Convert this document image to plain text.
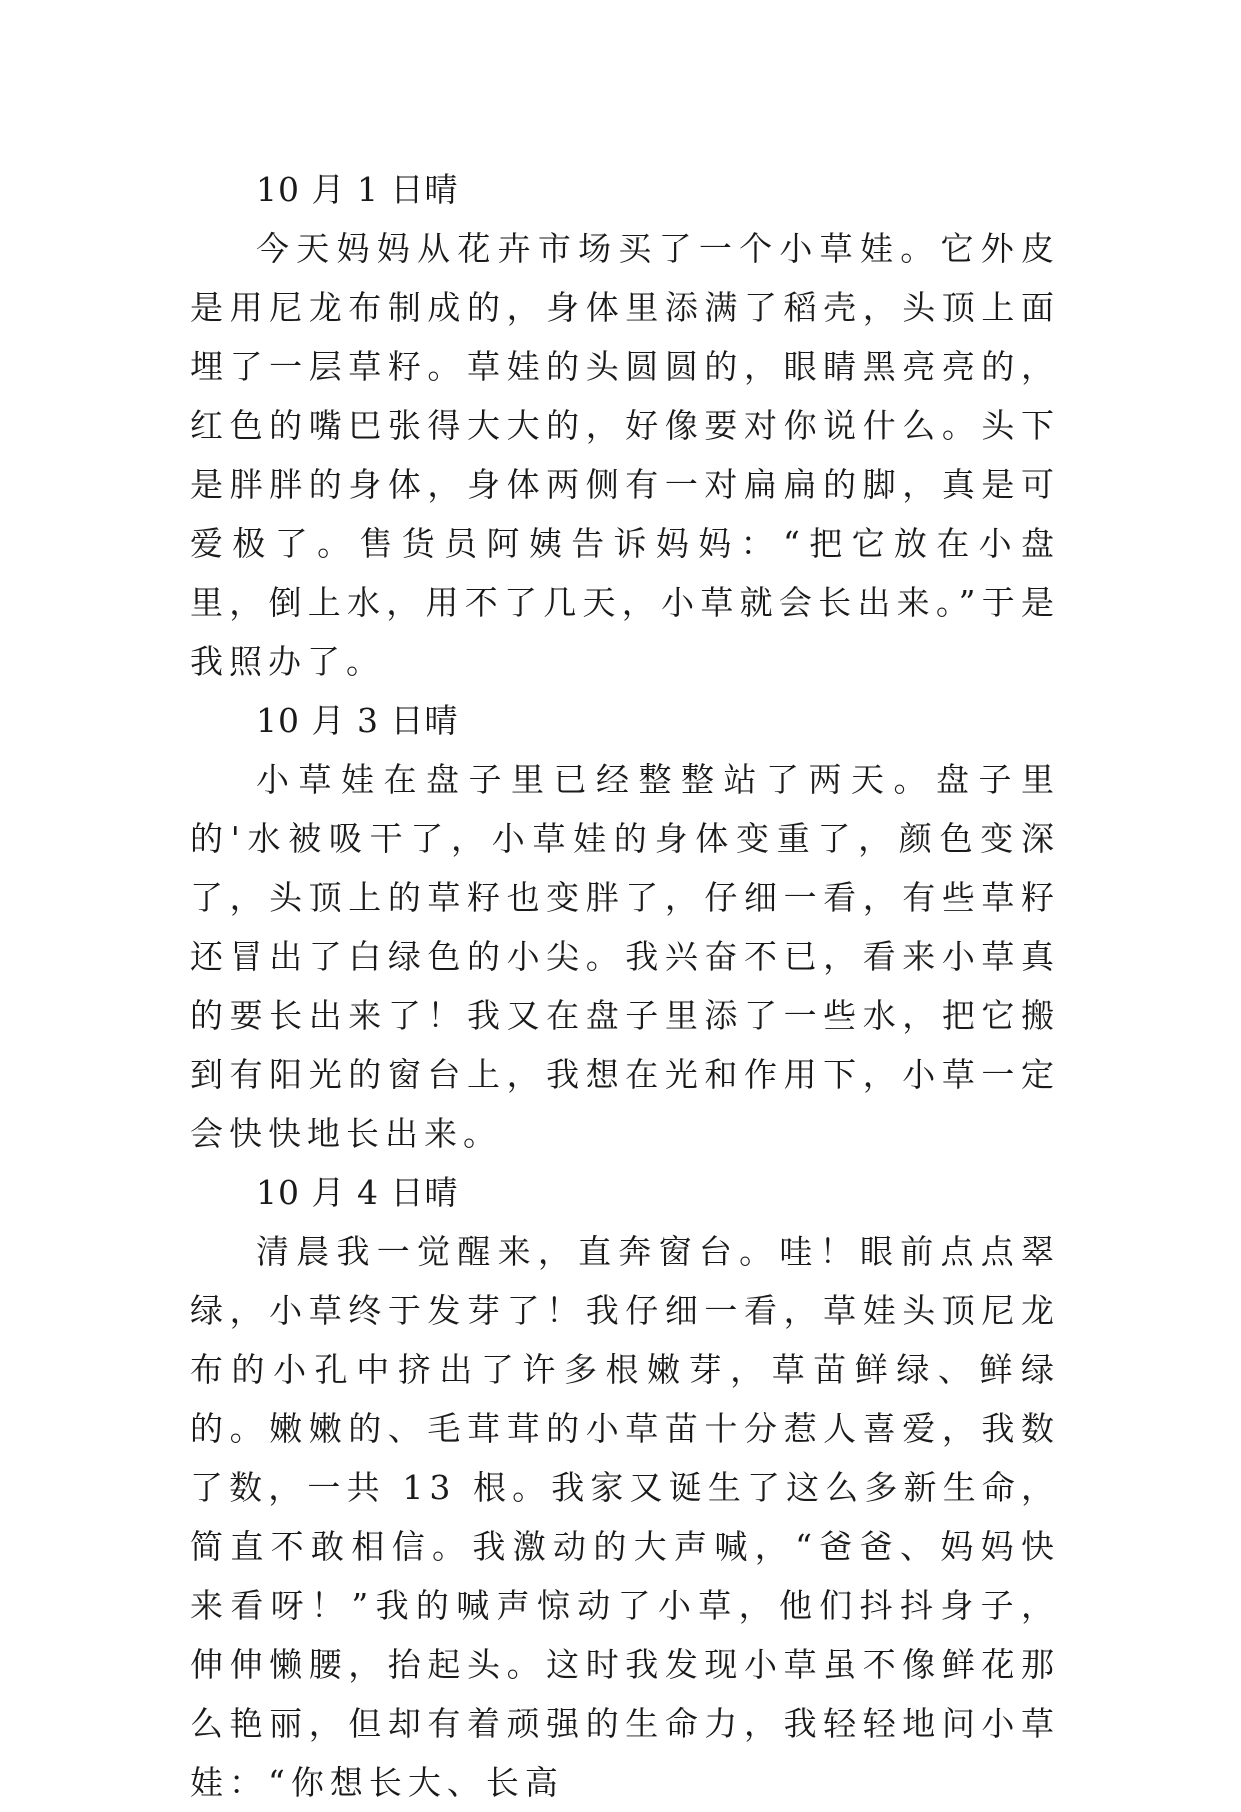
10 月 1 日晴

今天妈妈从花卉市场买了一个小草娃。它外皮是用尼龙布制成的，身体里添满了稻壳，头顶上面埋了一层草籽。草娃的头圆圆的，眼睛黑亮亮的，红色的嘴巴张得大大的，好像要对你说什么。头下是胖胖的身体，身体两侧有一对扁扁的脚，真是可爱极了。售货员阿姨告诉妈妈：“把它放在小盘里，倒上水，用不了几天，小草就会长出来。”于是我照办了。

10 月 3 日晴

小草娃在盘子里已经整整站了两天。盘子里的'水被吸干了，小草娃的身体变重了，颜色变深了，头顶上的草籽也变胖了，仔细一看，有些草籽还冒出了白绿色的小尖。我兴奋不已，看来小草真的要长出来了！我又在盘子里添了一些水，把它搬到有阳光的窗台上，我想在光和作用下，小草一定会快快地长出来。

10 月 4 日晴

清晨我一觉醒来，直奔窗台。哇！眼前点点翠绿，小草终于发芽了！我仔细一看，草娃头顶尼龙布的小孔中挤出了许多根嫩芽，草苗鲜绿、鲜绿的。嫩嫩的、毛茸茸的小草苗十分惹人喜爱，我数了数，一共 13 根。我家又诞生了这么多新生命，简直不敢相信。我激动的大声喊，“爸爸、妈妈快来看呀！”我的喊声惊动了小草，他们抖抖身子，伸伸懒腰，抬起头。这时我发现小草虽不像鲜花那么艳丽，但却有着顽强的生命力，我轻轻地问小草娃：“你想长大、长高
